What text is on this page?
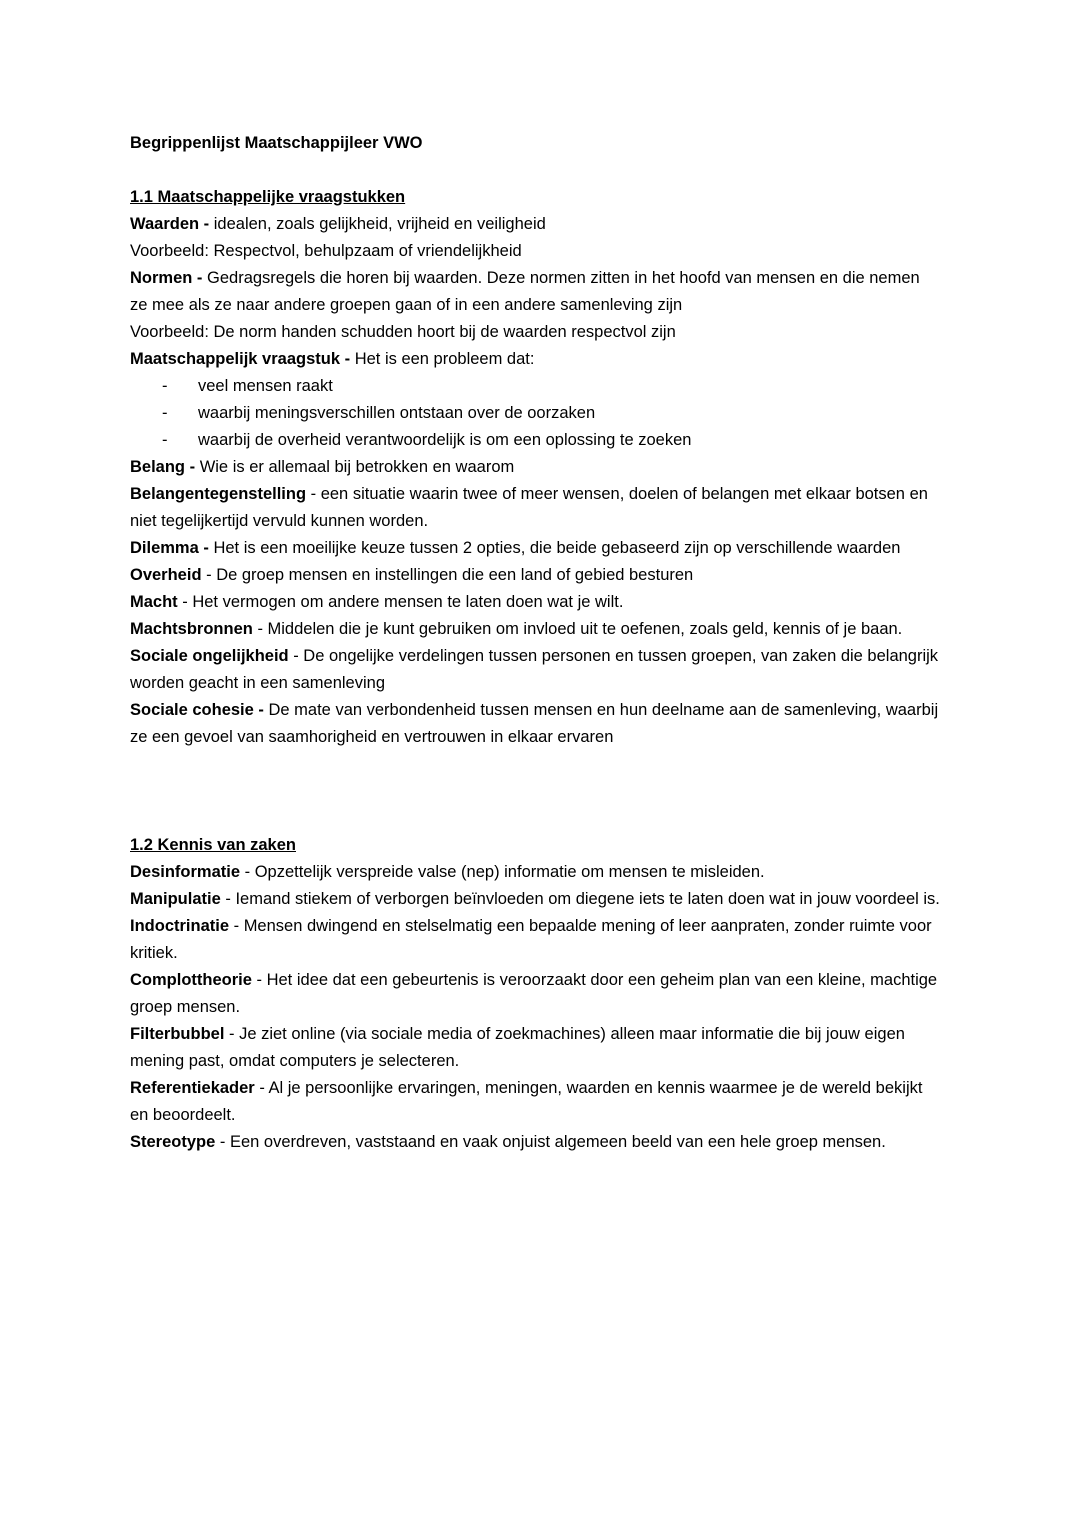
Begrippenlijst Maatschappijleer VWO

1.1 Maatschappelijke vraagstukken

Waarden - idealen, zoals gelijkheid, vrijheid en veiligheid

Voorbeeld: Respectvol, behulpzaam of vriendelijkheid

Normen - Gedragsregels die horen bij waarden. Deze normen zitten in het hoofd van mensen en die nemen ze mee als ze naar andere groepen gaan of in een andere samenleving zijn

Voorbeeld: De norm handen schudden hoort bij de waarden respectvol zijn

Maatschappelijk vraagstuk - Het is een probleem dat:

-	veel mensen raakt
-	waarbij meningsverschillen ontstaan over de oorzaken
-	waarbij de overheid verantwoordelijk is om een oplossing te zoeken

Belang - Wie is er allemaal bij betrokken en waarom

Belangentegenstelling - een situatie waarin twee of meer wensen, doelen of belangen met elkaar botsen en niet tegelijkertijd vervuld kunnen worden.

Dilemma - Het is een moeilijke keuze tussen 2 opties, die beide gebaseerd zijn op verschillende waarden

Overheid - De groep mensen en instellingen die een land of gebied besturen

Macht - Het vermogen om andere mensen te laten doen wat je wilt.

Machtsbronnen - Middelen die je kunt gebruiken om invloed uit te oefenen, zoals geld, kennis of je baan.

Sociale ongelijkheid - De ongelijke verdelingen tussen personen en tussen groepen, van zaken die belangrijk worden geacht in een samenleving

Sociale cohesie - De mate van verbondenheid tussen mensen en hun deelname aan de samenleving, waarbij ze een gevoel van saamhorigheid en vertrouwen in elkaar ervaren

1.2 Kennis van zaken

Desinformatie - Opzettelijk verspreide valse (nep) informatie om mensen te misleiden.

Manipulatie - Iemand stiekem of verborgen beïnvloeden om diegene iets te laten doen wat in jouw voordeel is.

Indoctrinatie - Mensen dwingend en stelselmatig een bepaalde mening of leer aanpraten, zonder ruimte voor kritiek.

Complottheorie - Het idee dat een gebeurtenis is veroorzaakt door een geheim plan van een kleine, machtige groep mensen.

Filterbubbel - Je ziet online (via sociale media of zoekmachines) alleen maar informatie die bij jouw eigen mening past, omdat computers je selecteren.

Referentiekader - Al je persoonlijke ervaringen, meningen, waarden en kennis waarmee je de wereld bekijkt en beoordeelt.

Stereotype - Een overdreven, vaststaand en vaak onjuist algemeen beeld van een hele groep mensen.
